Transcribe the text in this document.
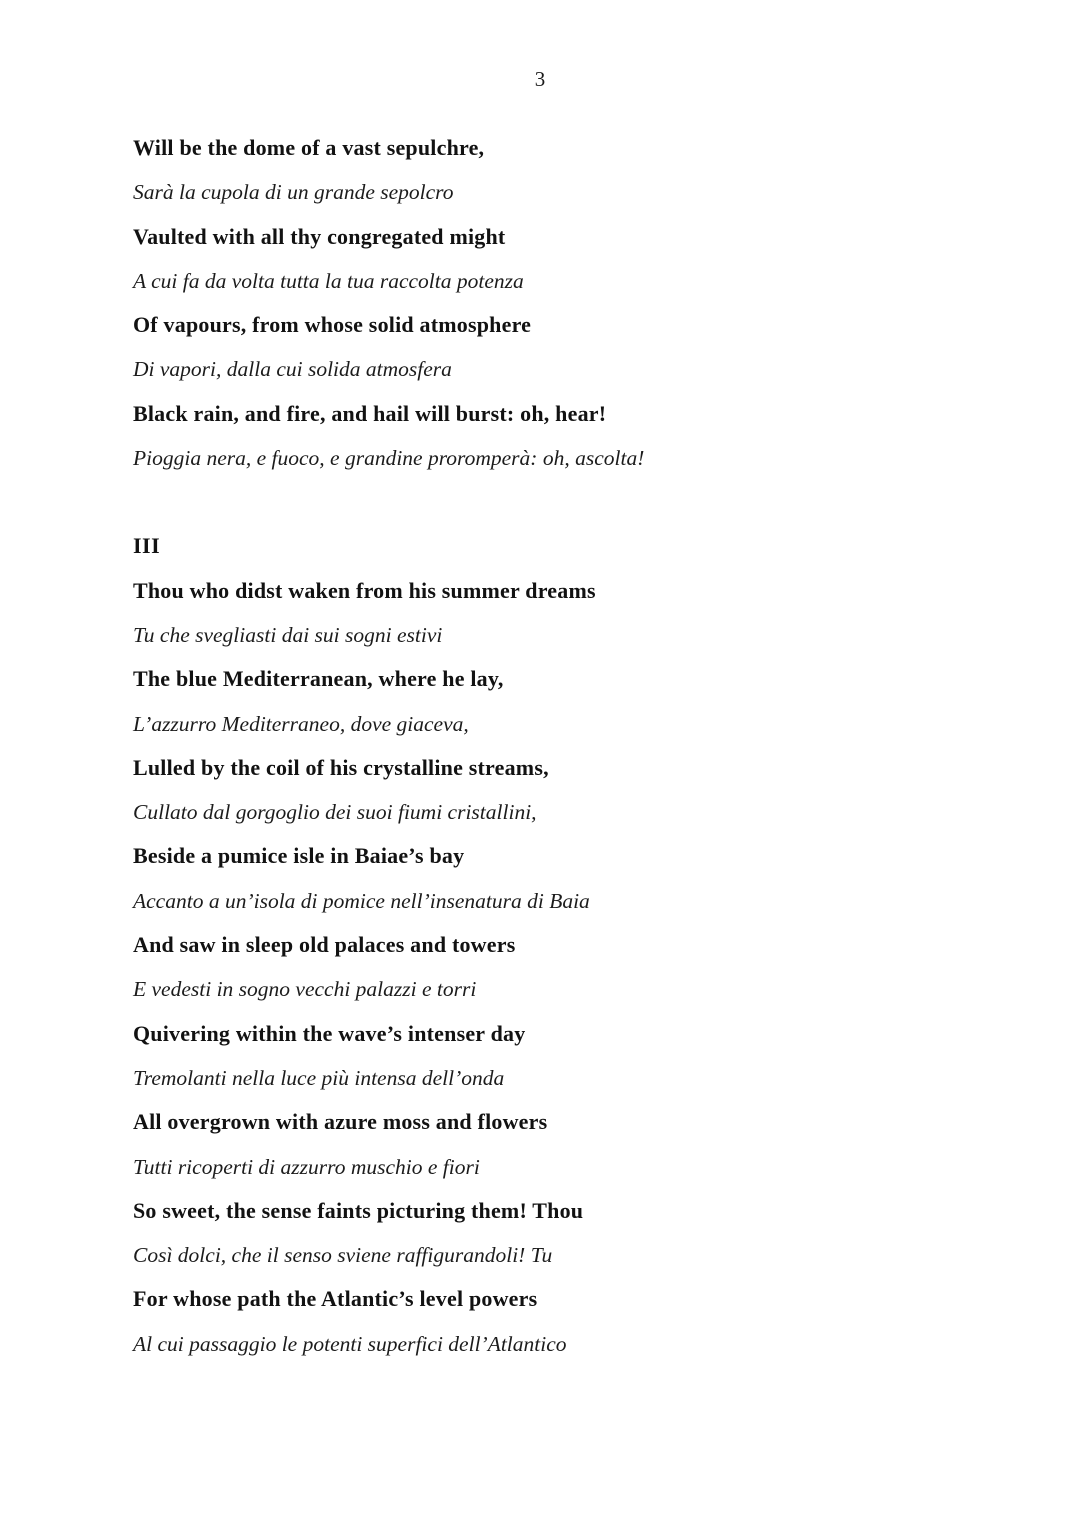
3

Will be the dome of a vast sepulchre,

Sarà la cupola di un grande sepolcro

Vaulted with all thy congregated might

A cui fa da volta tutta la tua raccolta potenza

Of vapours, from whose solid atmosphere

Di vapori, dalla cui solida atmosfera

Black rain, and fire, and hail will burst: oh, hear!

Pioggia nera, e fuoco, e grandine proromperà: oh, ascolta!

III

Thou who didst waken from his summer dreams

Tu che svegliasti dai sui sogni estivi

The blue Mediterranean, where he lay,

L’azzurro Mediterraneo, dove giaceva,

Lulled by the coil of his crystalline streams,

Cullato dal gorgoglio dei suoi fiumi cristallini,

Beside a pumice isle in Baiae’s bay

Accanto a un’isola di pomice nell’insenatura di Baia

And saw in sleep old palaces and towers

E vedesti in sogno vecchi palazzi e torri

Quivering within the wave’s intenser day

Tremolanti nella luce più intensa dell’onda

All overgrown with azure moss and flowers

Tutti ricoperti di azzurro muschio e fiori

So sweet, the sense faints picturing them! Thou

Così dolci, che il senso sviene raffigurandoli! Tu

For whose path the Atlantic’s level powers

Al cui passaggio le potenti superfici dell’Atlantico
